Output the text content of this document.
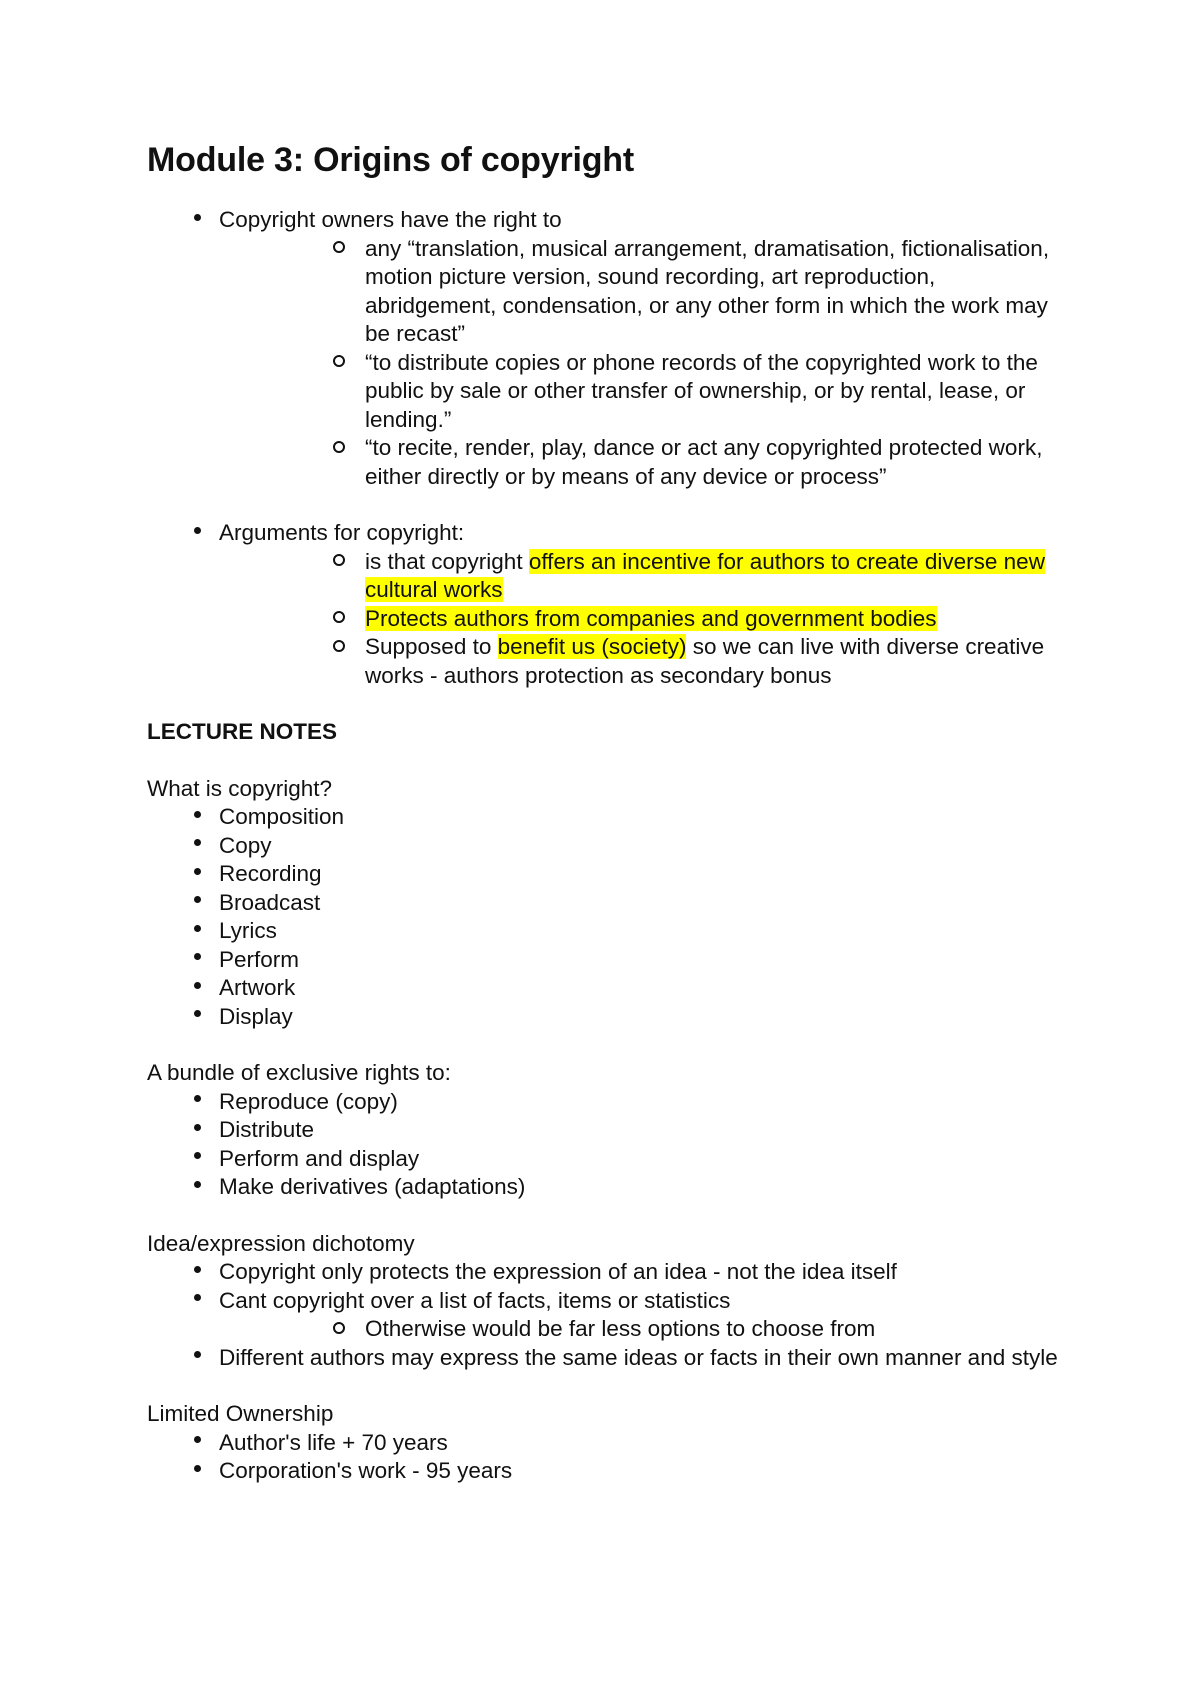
Module 3: Origins of copyright
Copyright owners have the right to
any “translation, musical arrangement, dramatisation, fictionalisation, motion picture version, sound recording, art reproduction, abridgement, condensation, or any other form in which the work may be recast”
“to distribute copies or phone records of the copyrighted work to the public by sale or other transfer of ownership, or by rental, lease, or lending.”
“to recite, render, play, dance or act any copyrighted protected work, either directly or by means of any device or process”
Arguments for copyright:
is that copyright offers an incentive for authors to create diverse new cultural works
Protects authors from companies and government bodies
Supposed to benefit us (society) so we can live with diverse creative works - authors protection as secondary bonus

LECTURE NOTES

What is copyright?

Composition
Copy
Recording
Broadcast
Lyrics
Perform
Artwork
Display

A bundle of exclusive rights to:

Reproduce (copy)
Distribute
Perform and display
Make derivatives (adaptations)

Idea/expression dichotomy

Copyright only protects the expression of an idea - not the idea itself
Cant copyright over a list of facts, items or statistics
Otherwise would be far less options to choose from
Different authors may express the same ideas or facts in their own manner and style

Limited Ownership

Author's life + 70 years
Corporation's work - 95 years
